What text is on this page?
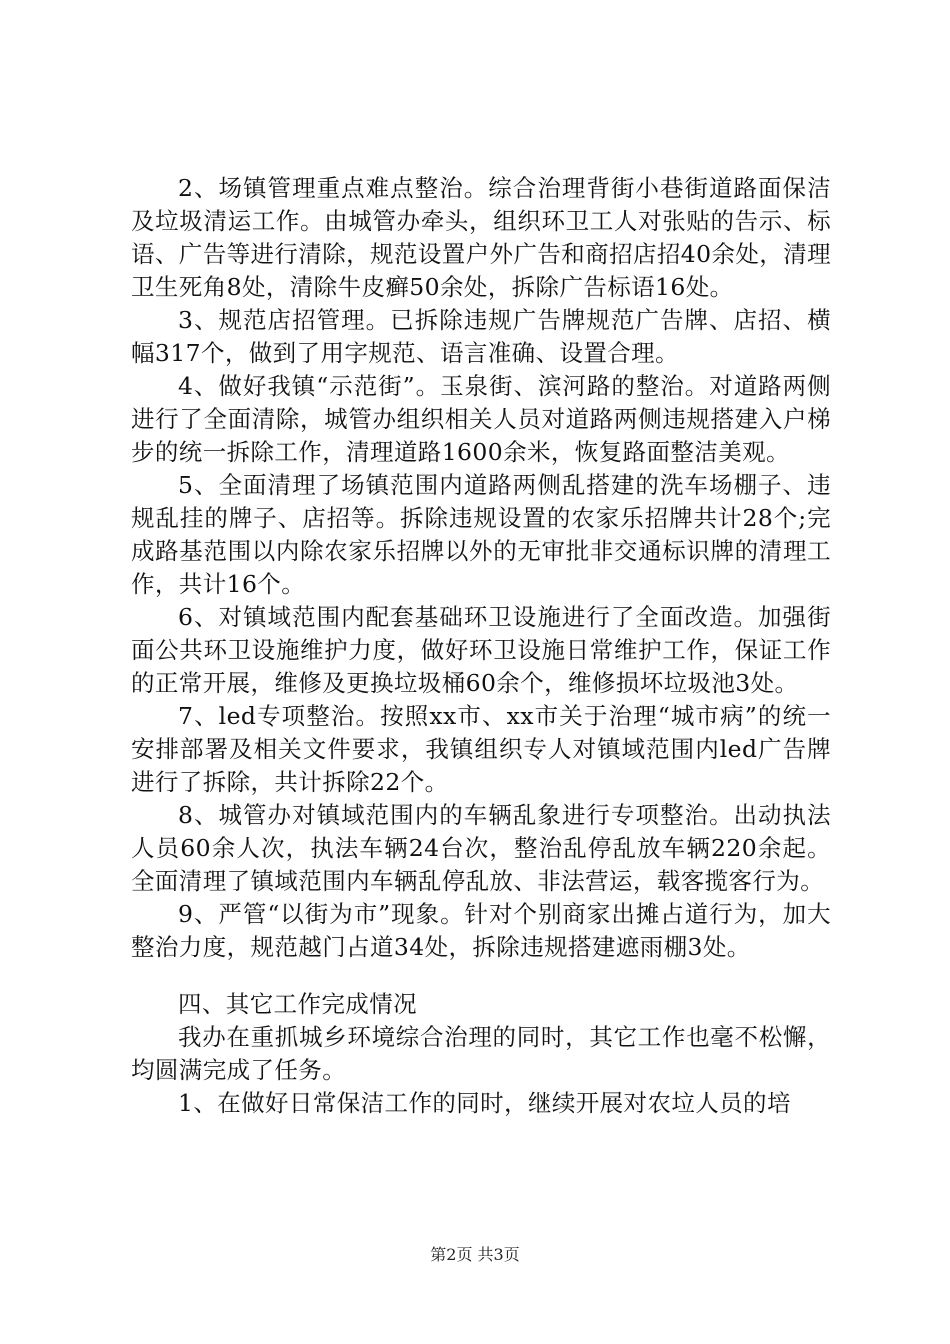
2、场镇管理重点难点整治。综合治理背街小巷街道路面保洁及垃圾清运工作。由城管办牵头，组织环卫工人对张贴的告示、标语、广告等进行清除，规范设置户外广告和商招店招40余处，清理卫生死角8处，清除牛皮癣50余处，拆除广告标语16处。

3、规范店招管理。已拆除违规广告牌规范广告牌、店招、横幅317个，做到了用字规范、语言准确、设置合理。

4、做好我镇“示范街”。玉泉街、滨河路的整治。对道路两侧进行了全面清除，城管办组织相关人员对道路两侧违规搭建入户梯步的统一拆除工作，清理道路1600余米，恢复路面整洁美观。

5、全面清理了场镇范围内道路两侧乱搭建的洗车场棚子、违规乱挂的牌子、店招等。拆除违规设置的农家乐招牌共计28个;完成路基范围以内除农家乐招牌以外的无审批非交通标识牌的清理工作，共计16个。

6、对镇域范围内配套基础环卫设施进行了全面改造。加强街面公共环卫设施维护力度，做好环卫设施日常维护工作，保证工作的正常开展，维修及更换垃圾桶60余个，维修损坏垃圾池3处。

7、led专项整治。按照xx市、xx市关于治理“城市病”的统一安排部署及相关文件要求，我镇组织专人对镇域范围内led广告牌进行了拆除，共计拆除22个。

8、城管办对镇域范围内的车辆乱象进行专项整治。出动执法人员60余人次，执法车辆24台次，整治乱停乱放车辆220余起。全面清理了镇域范围内车辆乱停乱放、非法营运，载客揽客行为。

9、严管“以街为市”现象。针对个别商家出摊占道行为，加大整治力度，规范越门占道34处，拆除违规搭建遮雨棚3处。

四、其它工作完成情况

我办在重抓城乡环境综合治理的同时，其它工作也毫不松懈，均圆满完成了任务。

1、在做好日常保洁工作的同时，继续开展对农垃人员的培

第2页 共3页
